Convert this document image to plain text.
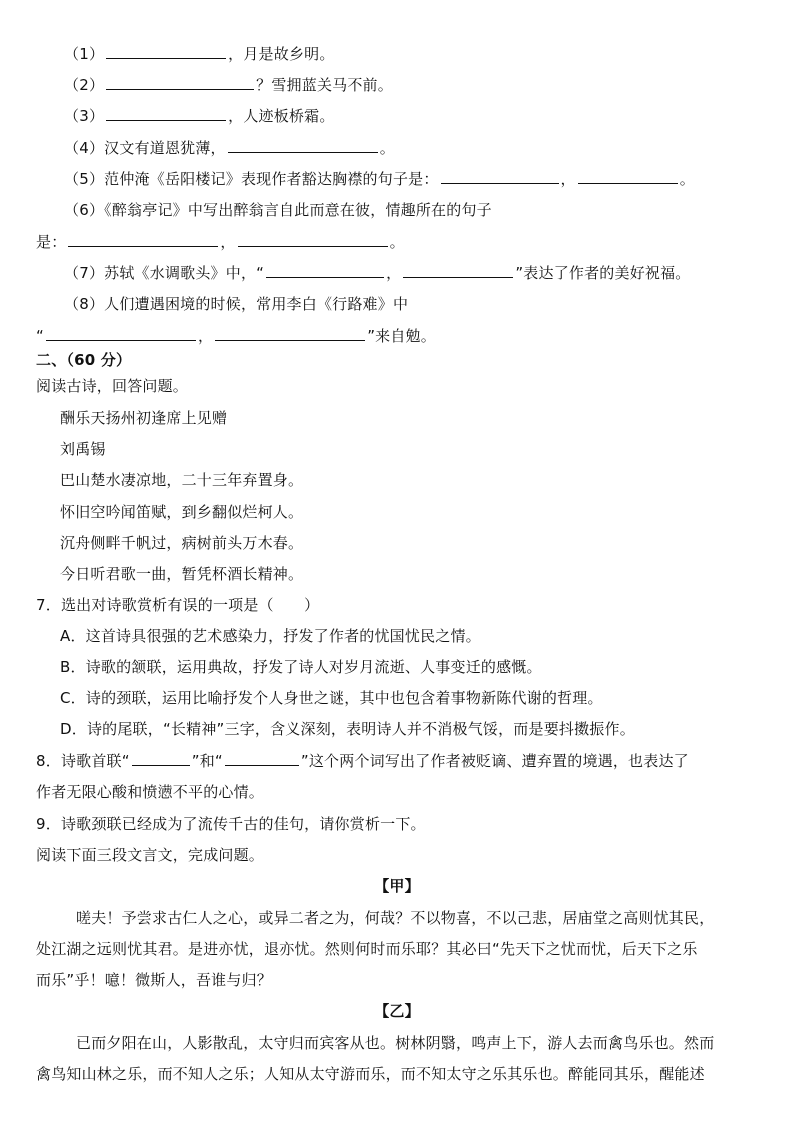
（1）	，月是故乡明。
（2）	？雪拥蓝关马不前。
（3）	，人迹板桥霜。
（4）汉文有道恩犹薄，	。
（5）范仲淹《岳阳楼记》表现作者豁达胸襟的句子是：	，	。
（6）《醉翁亭记》中写出醉翁言自此而意在彼，情趣所在的句子
是：	，	。
（7）苏轼《水调歌头》中，“	，	”表达了作者的美好祝福。
（8）人们遭遇困境的时候，常用李白《行路难》中
“	，	”来自勉。
二、（60 分）
阅读古诗，回答问题。
酬乐天扬州初逢席上见赠
刘禹锡
巴山楚水凄凉地，二十三年弃置身。
怀旧空吟闻笛赋，到乡翻似烂柯人。
沉舟侧畔千帆过，病树前头万木春。
今日听君歌一曲，暂凭杯酒长精神。
7．选出对诗歌赏析有误的一项是（　　）
A．这首诗具很强的艺术感染力，抒发了作者的忧国忧民之情。
B．诗歌的颔联，运用典故，抒发了诗人对岁月流逝、人事变迁的感慨。
C．诗的颈联，运用比喻抒发个人身世之谜，其中也包含着事物新陈代谢的哲理。
D．诗的尾联，“长精神”三字，含义深刻，表明诗人并不消极气馁，而是要抖擞振作。
8．诗歌首联“	”和“	”这个两个词写出了作者被贬谪、遭弃置的境遇，也表达了
作者无限心酸和愤懑不平的心情。
9．诗歌颈联已经成为了流传千古的佳句，请你赏析一下。
阅读下面三段文言文，完成问题。
【甲】
嗟夫！予尝求古仁人之心，或异二者之为，何哉？不以物喜，不以己悲，居庙堂之高则忧其民，
处江湖之远则忧其君。是进亦忧，退亦忧。然则何时而乐耶？其必曰“先天下之忧而忧，后天下之乐
而乐”乎！噫！微斯人，吾谁与归？
【乙】
已而夕阳在山，人影散乱，太守归而宾客从也。树林阴翳，鸣声上下，游人去而禽鸟乐也。然而
禽鸟知山林之乐，而不知人之乐；人知从太守游而乐，而不知太守之乐其乐也。醉能同其乐，醒能述
